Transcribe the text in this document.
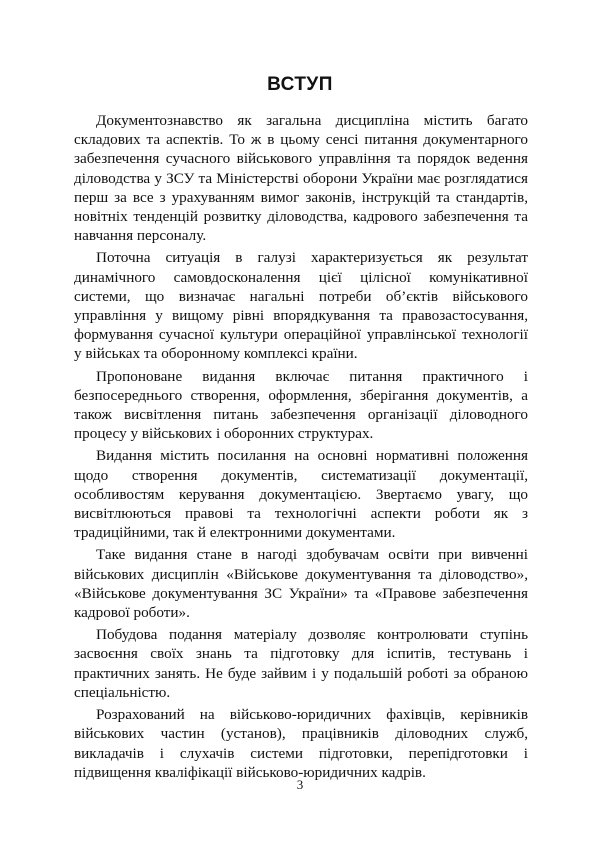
ВСТУП

Документознавство як загальна дисципліна містить багато складових та аспектів. То ж в цьому сенсі питання документарного забезпечення сучасного військового управління та порядок ведення діловодства у ЗСУ та Міністерстві оборони України має розглядатися перш за все з урахуванням вимог законів, інструкцій та стандартів, новітніх тенденцій розвитку діловодства, кадрового забезпечення та навчання персоналу.

Поточна ситуація в галузі характеризується як результат динамічного самовдосконалення цієї цілісної комунікативної системи, що визначає нагальні потреби об’єктів військового управління у вищому рівні впорядкування та правозастосування, формування сучасної культури операційної управлінської технології у військах та оборонному комплексі країни.

Пропоноване видання включає питання практичного і безпосереднього створення, оформлення, зберігання документів, а також висвітлення питань забезпечення організації діловодного процесу у військових і оборонних структурах.

Видання містить посилання на основні нормативні положення щодо створення документів, систематизації документації, особливостям керування документацією. Звертаємо увагу, що висвітлюються правові та технологічні аспекти роботи як з традиційними, так й електронними документами.

Таке видання стане в нагоді здобувачам освіти при вивченні військових дисциплін «Військове документування та діловодство», «Військове документування ЗС України» та «Правове забезпечення кадрової роботи».

Побудова подання матеріалу дозволяє контролювати ступінь засвоєння своїх знань та підготовку для іспитів, тестувань і практичних занять. Не буде зайвим і у подальшій роботі за обраною спеціальністю.

Розрахований на військово-юридичних фахівців, керівників військових частин (установ), працівників діловодних служб, викладачів і слухачів системи підготовки, перепідготовки і підвищення кваліфікації військово-юридичних кадрів.

3
